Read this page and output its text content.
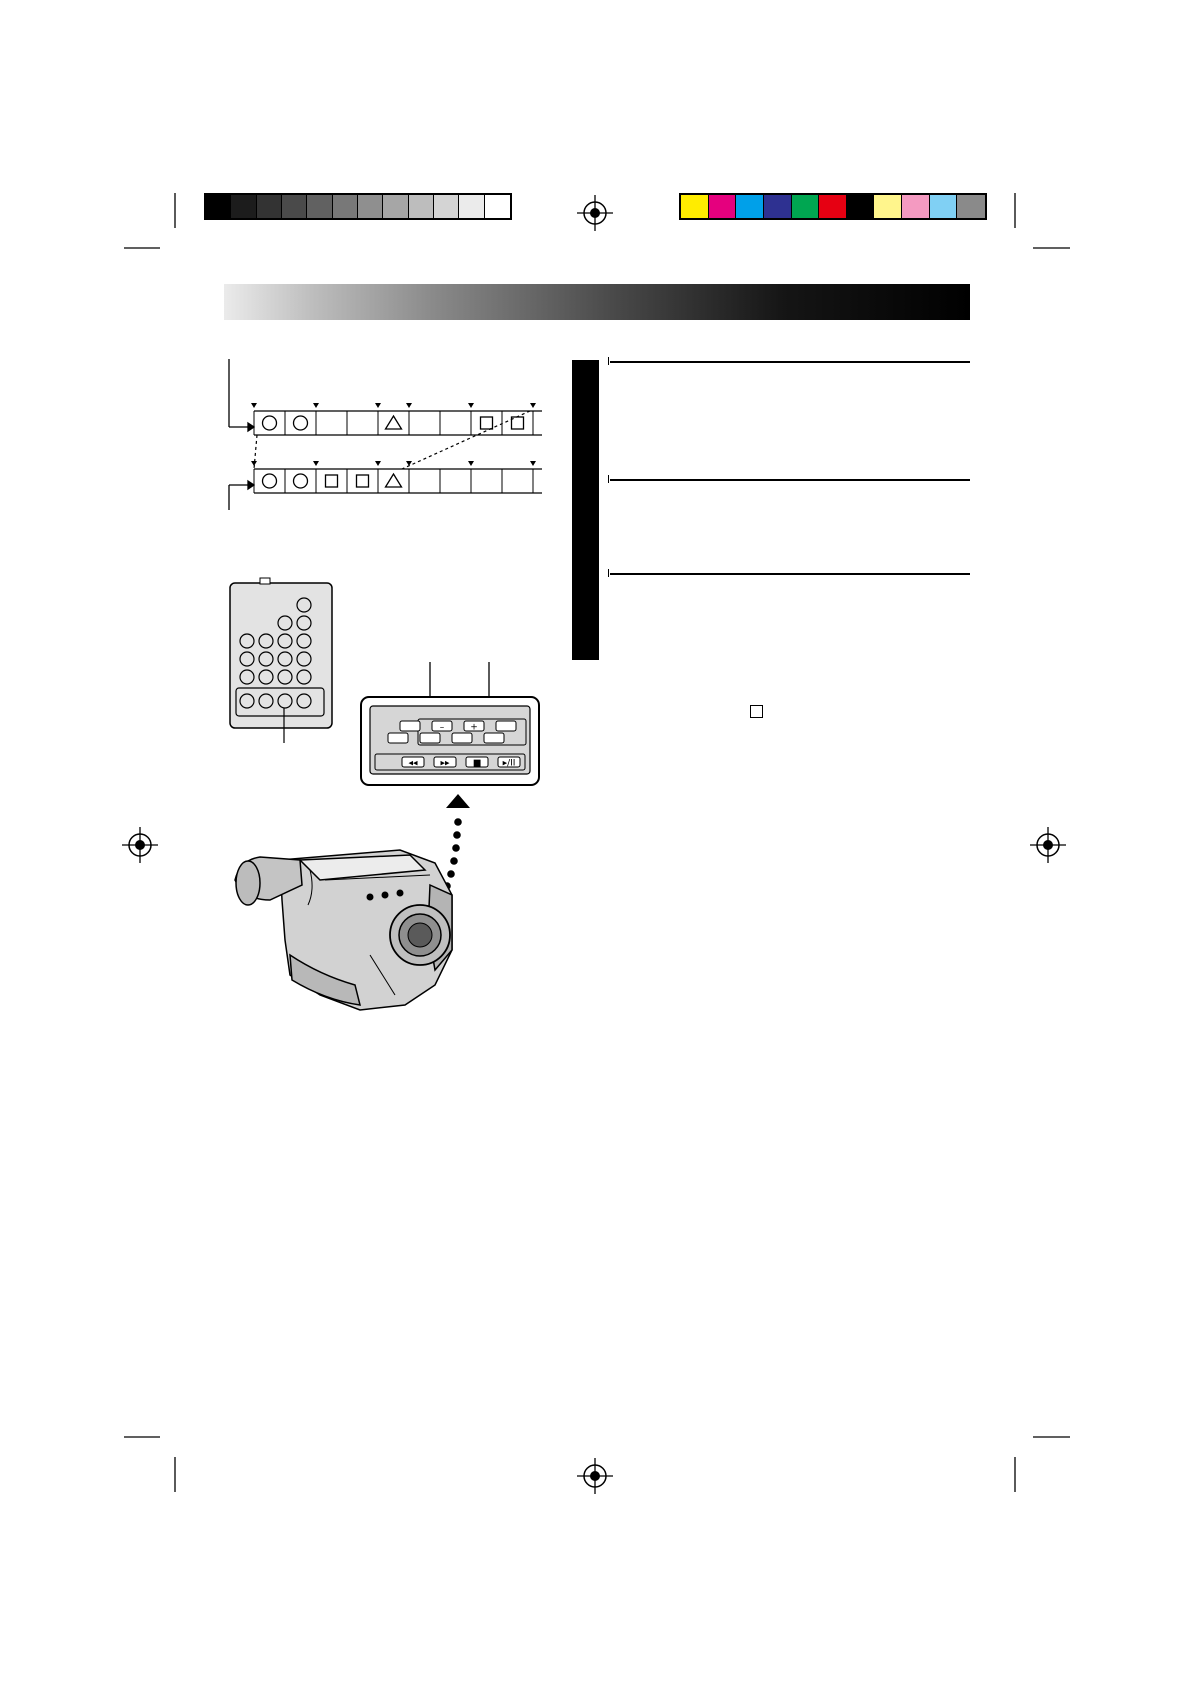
–	+
◂◂	▸▸	■ ▸/II
